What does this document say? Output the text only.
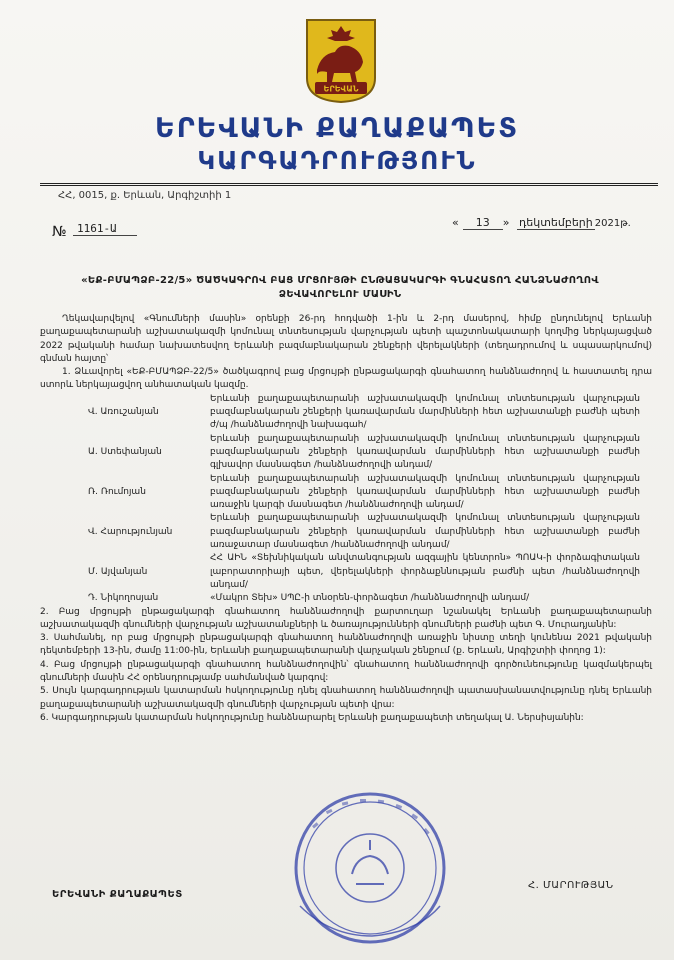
ԵՐԵՎԱՆ
ԵՐԵՎԱՆԻ ՔԱՂԱՔԱՊԵՏ
ԿԱՐԳԱԴՐՈՒԹՅՈՒՆ
ՀՀ, 0015, ք. Երևան, Արգիշտիի 1
№ 1161-Ա	« 13 » դեկտեմբերի 2021թ.
«ԵՔ-ԲՄԱՊՁԲ-22/5» ԾԱԾԿԱԳՐՈՎ ԲԱՑ ՄՐՑՈՒՅԹԻ ԸՆԹԱՑԱԿԱՐԳԻ ԳՆԱՀԱՏՈՂ ՀԱՆՁՆԱԺՈՂՈՎ ՁԵՎԱՎՈՐԵԼՈՒ ՄԱՍԻՆ

Ղեկավարվելով «Գնումների մասին» օրենքի 26-րդ հոդվածի 1-ին և 2-րդ մասերով, հիմք ընդունելով Երևանի քաղաքապետարանի աշխատակազմի կոմունալ տնտեսության վարչության պետի պաշտոնակատարի կողմից ներկայացված 2022 թվականի համար նախատեսվող Երևանի բազմաբնակարան շենքերի վերելակների (տեղադրումով և սպասարկումով) գնման հայտը՝

1. Ձևավորել «ԵՔ-ԲՄԱՊՁԲ-22/5» ծածկագրով բաց մրցույթի ընթացակարգի գնահատող հանձնաժողով և հաստատել դրա ստորև ներկայացվող անհատական կազմը.

Վ. Առուշանյան
Երևանի քաղաքապետարանի աշխատակազմի կոմունալ տնտեսության վարչության բազմաբնակարան շենքերի կառավարման մարմինների հետ աշխատանքի բաժնի պետի ժ/պ /հանձնաժողովի նախագահ/
Ա. Ստեփանյան
Երևանի քաղաքապետարանի աշխատակազմի կոմունալ տնտեսության վարչության բազմաբնակարան շենքերի կառավարման մարմինների հետ աշխատանքի բաժնի գլխավոր մասնագետ /հանձնաժողովի անդամ/
Ռ. Ռումոյան
Երևանի քաղաքապետարանի աշխատակազմի կոմունալ տնտեսության վարչության բազմաբնակարան շենքերի կառավարման մարմինների հետ աշխատանքի բաժնի առաջին կարգի մասնագետ /հանձնաժողովի անդամ/
Վ. Հարությունյան
Երևանի քաղաքապետարանի աշխատակազմի կոմունալ տնտեսության վարչության բազմաբնակարան շենքերի կառավարման մարմինների հետ աշխատանքի բաժնի առաջատար մասնագետ /հանձնաժողովի անդամ/
Մ. Այվանյան
ՀՀ ԱԻՆ «Տեխնիկական անվտանգության ազգային կենտրոն» ՊՈԱԿ-ի փորձագիտական լաբորատորիայի պետ, վերելակների փորձաքննության բաժնի պետ /հանձնաժողովի անդամ/
Դ. Նիկողոսյան	«Մակրո Տեխ» ՍՊԸ-ի տնօրեն-փորձագետ /հանձնաժողովի անդամ/

2. Բաց մրցույթի ընթացակարգի գնահատող հանձնաժողովի քարտուղար նշանակել Երևանի քաղաքապետարանի աշխատակազմի գնումների վարչության աշխատանքների և ծառայությունների գնումների բաժնի պետ Գ. Մուրադյանին:

3. Սահմանել, որ բաց մրցույթի ընթացակարգի գնահատող հանձնաժողովի առաջին նիստը տեղի կունենա 2021 թվականի դեկտեմբերի 13-ին, ժամը 11:00-ին, Երևանի քաղաքապետարանի վարչական շենքում (ք. Երևան, Արգիշտիի փողոց 1):

4. Բաց մրցույթի ընթացակարգի գնահատող հանձնաժողովին՝ գնահատող հանձնաժողովի գործունեությունը կազմակերպել գնումների մասին ՀՀ օրենսդրությամբ սահմանված կարգով:

5. Սույն կարգադրության կատարման հսկողությունը դնել գնահատող հանձնաժողովի պատասխանատվությունը դնել Երևանի քաղաքապետարանի աշխատակազմի գնումների վարչության պետի վրա:

6. Կարգադրության կատարման հսկողությունը հանձնարարել Երևանի քաղաքապետի տեղակալ Ա. Ներսիսյանին:

ԵՐԵՎԱՆԻ ՔԱՂԱՔԱՊԵՏ
Հ. ՄԱՐՈՒԹՅԱՆ
